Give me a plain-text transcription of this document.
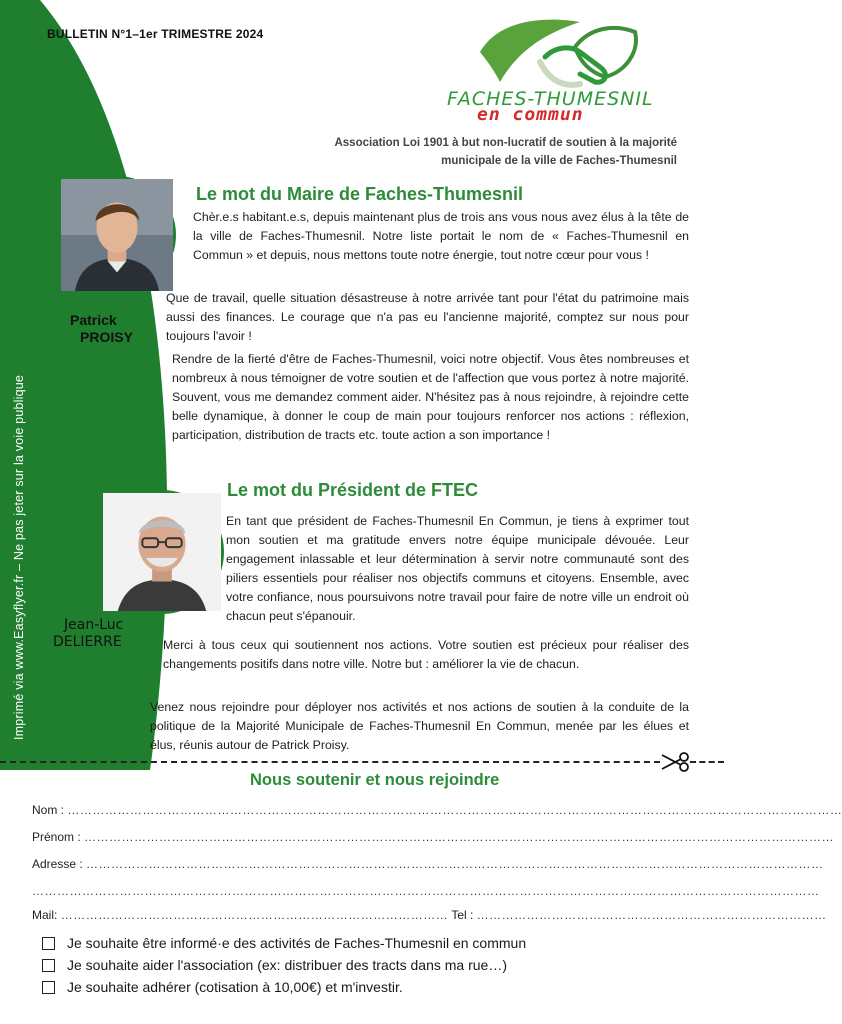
Imprimé via www.Easyflyer.fr – Ne pas jeter sur la voie publique
BULLETIN N°1–1er TRIMESTRE 2024
FACHES-THUMESNIL
en commun
Association Loi 1901 à but non-lucratif de soutien à la majorité municipale de la ville de Faches-Thumesnil
Patrick
PROISY
Le mot du Maire de Faches-Thumesnil
Chèr.e.s habitant.e.s, depuis maintenant plus de trois ans vous nous avez élus à la tête de la ville de Faches-Thumesnil. Notre liste portait le nom de « Faches-Thumesnil en Commun » et depuis, nous mettons toute notre énergie, tout notre cœur pour vous !
Que de travail, quelle situation désastreuse à notre arrivée tant pour l'état du patrimoine mais aussi des finances. Le courage que n'a pas eu l'ancienne majorité, comptez sur nous pour toujours l'avoir !
Rendre de la fierté d'être de Faches-Thumesnil, voici notre objectif. Vous êtes nombreuses et nombreux à nous témoigner de votre soutien et de l'affection que vous portez à notre majorité. Souvent, vous me demandez comment aider. N'hésitez pas à nous rejoindre, à rejoindre cette belle dynamique, à donner le coup de main pour toujours renforcer nos actions : réflexion, participation, distribution de tracts etc. toute action a son importance !
Jean-Luc
DELIERRE
Le mot du Président de FTEC
En tant que président de Faches-Thumesnil En Commun, je tiens à exprimer tout mon soutien et ma gratitude envers notre équipe municipale dévouée. Leur engagement inlassable et leur détermination à servir notre communauté sont des piliers essentiels pour réaliser nos objectifs communs et citoyens. Ensemble, avec votre confiance, nous poursuivons notre travail pour faire de notre ville un endroit où chacun peut s'épanouir.
Merci à tous ceux qui soutiennent nos actions. Votre soutien est précieux pour réaliser des changements positifs dans notre ville. Notre but : améliorer la vie de chacun.
Venez nous rejoindre pour déployer nos activités et nos actions de soutien à la conduite de la politique de la Majorité Municipale de Faches-Thumesnil En Commun, menée par les élues et élus, réunis autour de Patrick Proisy.
Nous soutenir et nous rejoindre
Nom : ……………………………………………………………………………………………………………………………………………………………………
Prénom : ………………………………………………………………………………………………………………………………………………………………
Adresse : ……………………………………………………………………………………………………………………………………………………………
………………………………………………………………………………………………………………………………………………………………………
Mail: ………………………………………………………………………………… Tel : …………………………………………………………………………
Je souhaite être informé·e des activités de Faches-Thumesnil en commun
Je souhaite aider l'association (ex: distribuer des tracts dans ma rue…)
Je souhaite adhérer (cotisation à 10,00€) et m'investir.
